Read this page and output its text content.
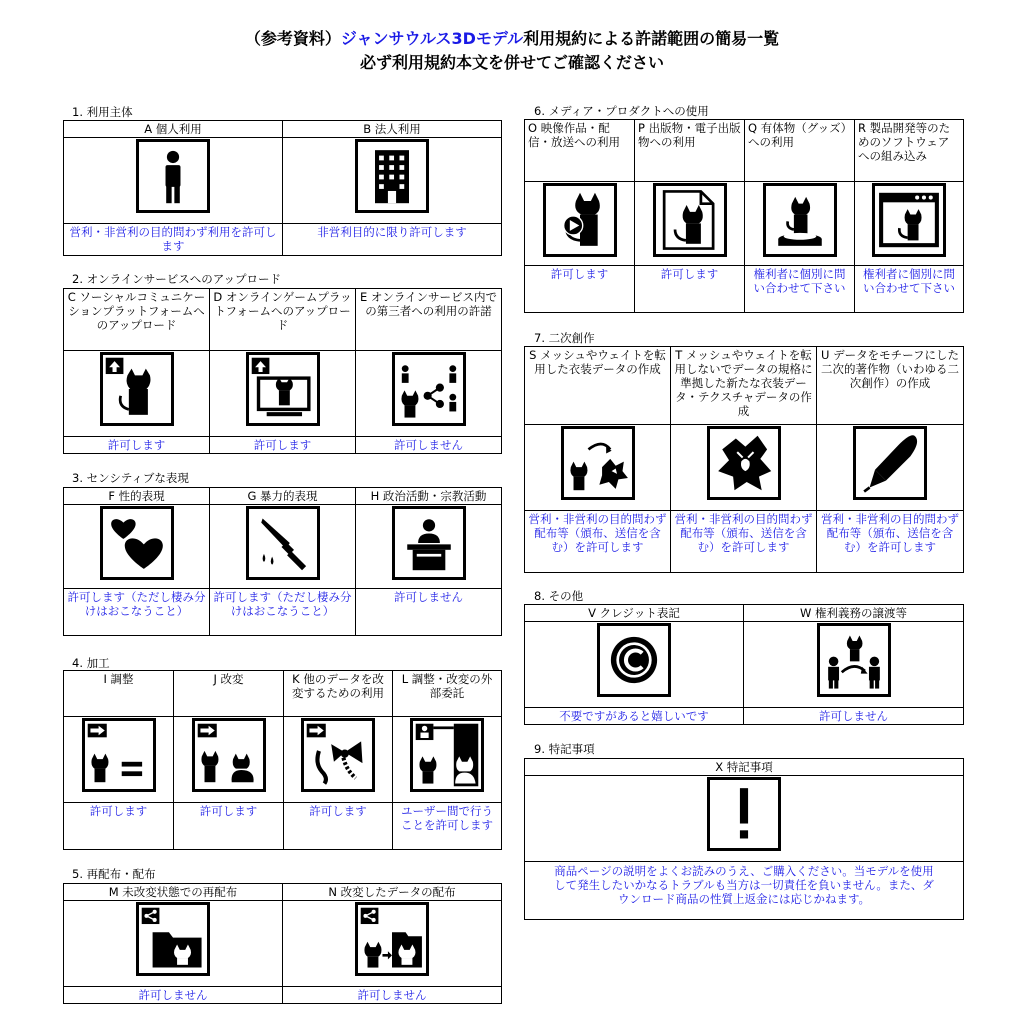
（参考資料）ジャンサウルス3Dモデル利用規約による許諾範囲の簡易一覧
必ず利用規約本文を併せてご確認ください
1. 利用主体
A 個人利用	B 法人利用

営利・非営利の目的問わず利用を許可します	非営利目的に限り許可します
2. オンラインサービスへのアップロード
C ソーシャルコミュニケーションプラットフォームへのアップロード	D オンラインゲームプラットフォームへのアップロード	E オンラインサービス内での第三者への利用の許諾

許可します	許可します	許可しません
3. センシティブな表現
F 性的表現	G 暴力的表現	H 政治活動・宗教活動

許可します（ただし棲み分けはおこなうこと）	許可します（ただし棲み分けはおこなうこと）	許可しません
4. 加工
I 調整	J 改変	K 他のデータを改変するための利用	L 調整・改変の外部委託

許可します	許可します	許可します	ユーザー間で行うことを許可します
5. 再配布・配布
M 未改変状態での再配布	N 改変したデータの配布

許可しません	許可しません
6. メディア・プロダクトへの使用
O 映像作品・配信・放送への利用	P 出版物・電子出版物への利用	Q 有体物（グッズ）への利用	R 製品開発等のためのソフトウェアへの組み込み

許可します	許可します	権利者に個別に問い合わせて下さい	権利者に個別に問い合わせて下さい
7. 二次創作
S メッシュやウェイトを転用した衣装データの作成	T メッシュやウェイトを転用しないでデータの規格に準拠した新たな衣装データ・テクスチャデータの作成	U データをモチーフにした二次的著作物（いわゆる二次創作）の作成

営利・非営利の目的問わず配布等（頒布、送信を含む）を許可します	営利・非営利の目的問わず配布等（頒布、送信を含む）を許可します	営利・非営利の目的問わず配布等（頒布、送信を含む）を許可します
8. その他
V クレジット表記	W 権利義務の譲渡等

不要ですがあると嬉しいです	許可しません
9. 特記事項
X 特記事項

商品ページの説明をよくお読みのうえ、ご購入ください。当モデルを使用して発生したいかなるトラブルも当方は一切責任を負いません。また、ダウンロード商品の性質上返金には応じかねます。
